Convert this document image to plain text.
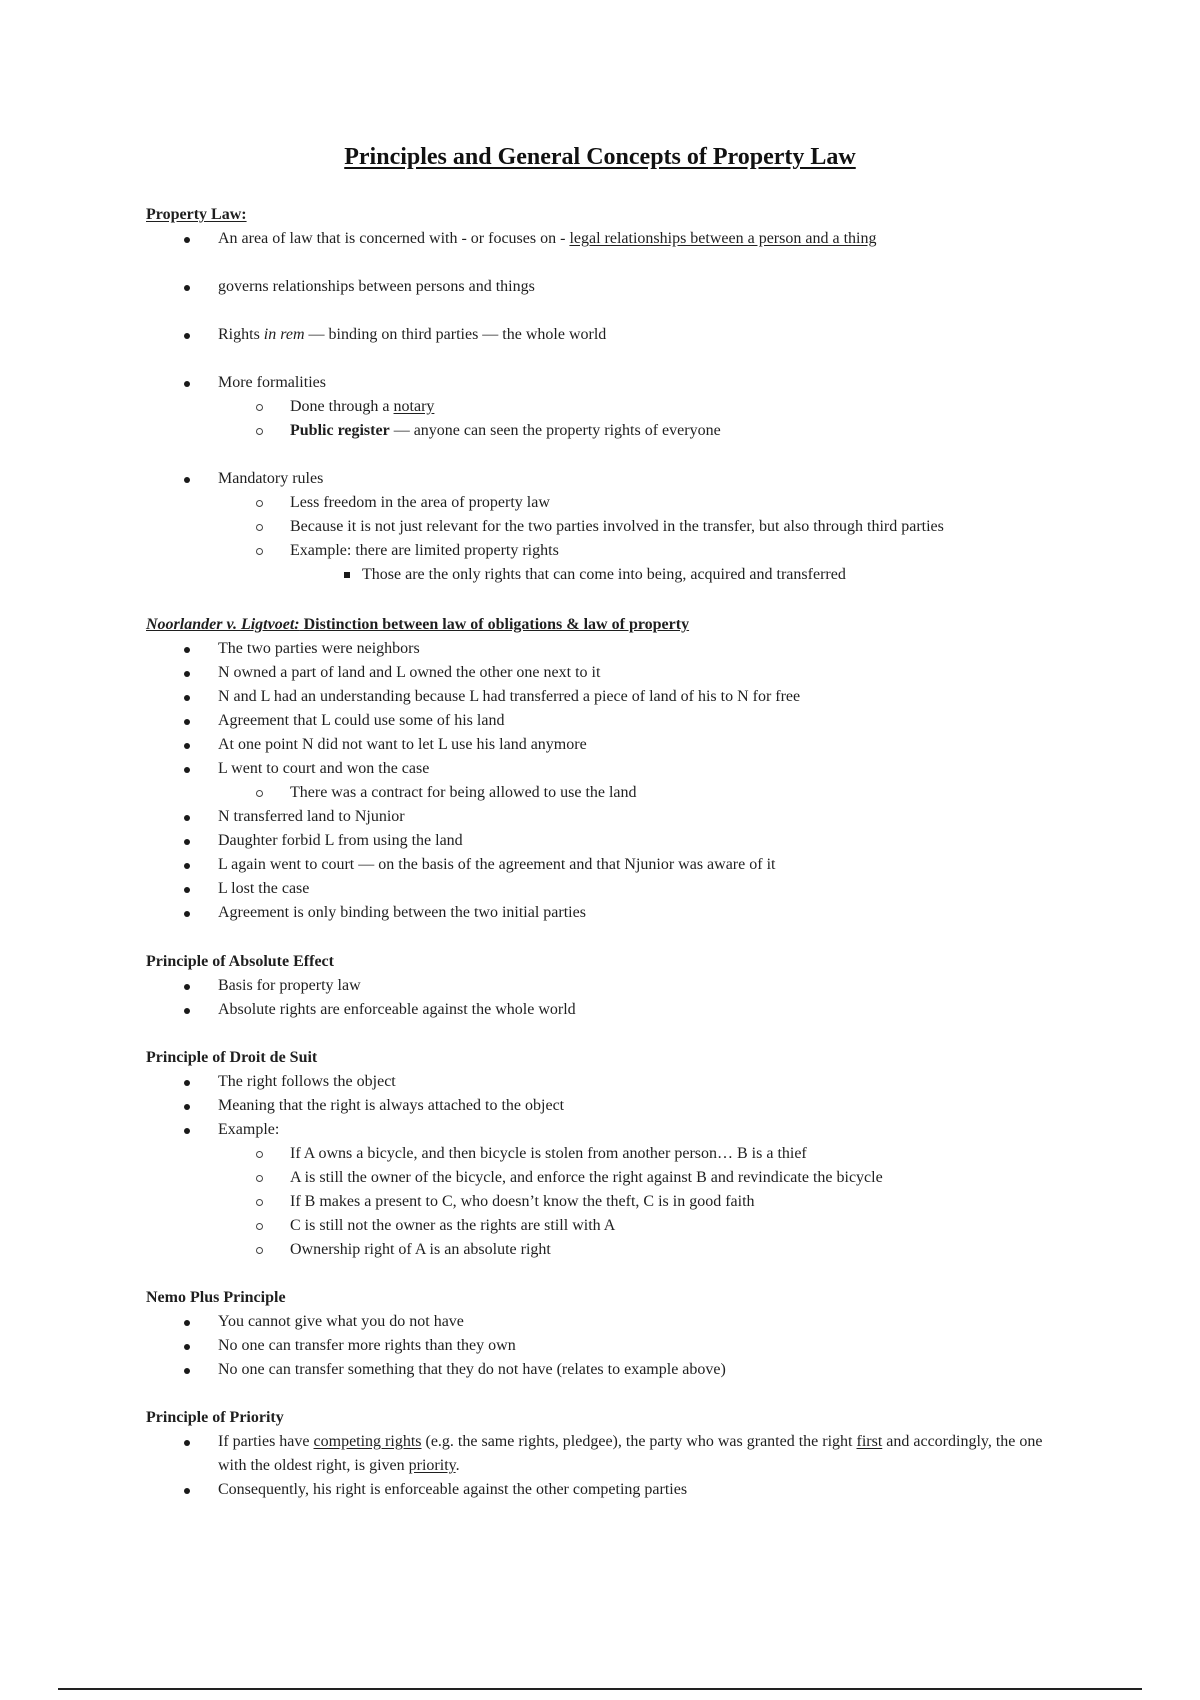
Principles and General Concepts of Property Law
Property Law:
An area of law that is concerned with - or focuses on - legal relationships between a person and a thing
governs relationships between persons and things
Rights in rem — binding on third parties — the whole world
More formalities
Done through a notary
Public register — anyone can seen the property rights of everyone
Mandatory rules
Less freedom in the area of property law
Because it is not just relevant for the two parties involved in the transfer, but also through third parties
Example: there are limited property rights
Those are the only rights that can come into being, acquired and transferred
Noorlander v. Ligtvoet: Distinction between law of obligations & law of property
The two parties were neighbors
N owned a part of land and L owned the other one next to it
N and L had an understanding because L had transferred a piece of land of his to N for free
Agreement that L could use some of his land
At one point N did not want to let L use his land anymore
L went to court and won the case
There was a contract for being allowed to use the land
N transferred land to Njunior
Daughter forbid L from using the land
L again went to court — on the basis of the agreement and that Njunior was aware of it
L lost the case
Agreement is only binding between the two initial parties
Principle of Absolute Effect
Basis for property law
Absolute rights are enforceable against the whole world
Principle of Droit de Suit
The right follows the object
Meaning that the right is always attached to the object
Example:
If A owns a bicycle, and then bicycle is stolen from another person… B is a thief
A is still the owner of the bicycle, and enforce the right against B and revindicate the bicycle
If B makes a present to C, who doesn’t know the theft, C is in good faith
C is still not the owner as the rights are still with A
Ownership right of A is an absolute right
Nemo Plus Principle
You cannot give what you do not have
No one can transfer more rights than they own
No one can transfer something that they do not have (relates to example above)
Principle of Priority
If parties have competing rights (e.g. the same rights, pledgee), the party who was granted the right first and accordingly, the one with the oldest right, is given priority.
Consequently, his right is enforceable against the other competing parties
